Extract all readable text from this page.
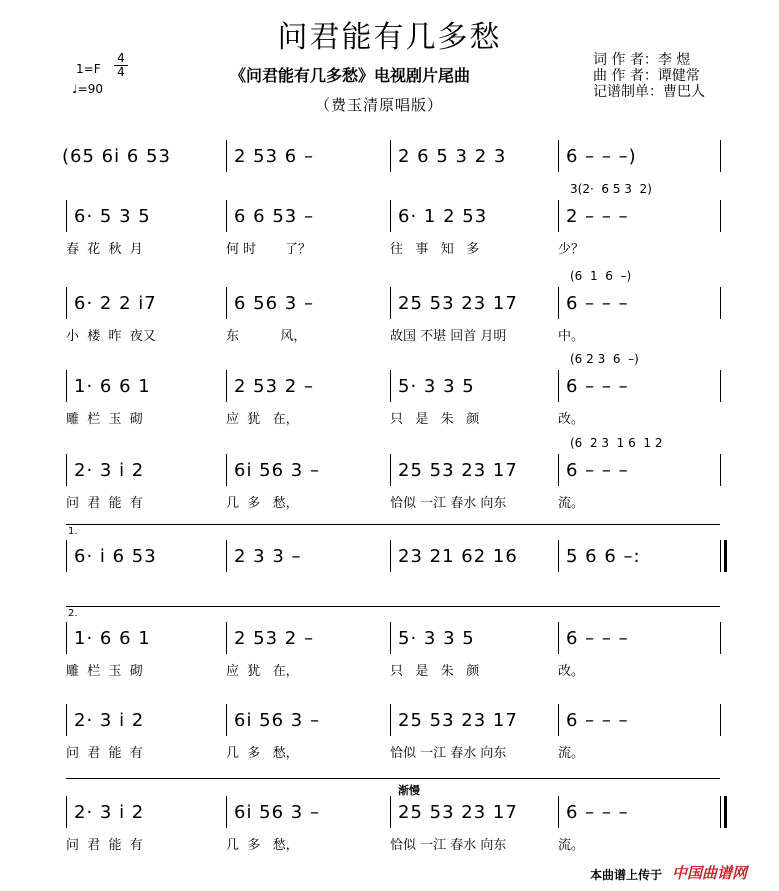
问君能有几多愁
《问君能有几多愁》电视剧片尾曲
（费玉清原唱版）
词 作 者：李 煜
曲 作 者：谭健常
记谱制单：曹巴人
1=F
4
4
♩=90
(65 6i 6 53	2 53 6 –	2 6 5 3 2 3	6 – – –)
6· 5 3 5	6 6 53 –	6· 1 2 53	2 – – –
春  花  秋  月	何 时       了？	往   事   知   多	少？
3(2·  6 5 3  2)
6· 2 2 i7	6 56 3 –	25 53 23 17	6 – – –
小  楼  昨  夜又	东          风，	故国 不堪 回首 月明	中。
(6  1  6  –)
1· 6 6 1	2 53 2 –	5· 3 3 5	6 – – –
雕  栏  玉  砌	应  犹   在，	只   是   朱   颜	改。
(6 2 3  6  –)
2· 3 i 2	6i 56 3 –	25 53 23 17	6 – – –
问  君  能  有	几  多   愁，	恰似 一江 春水 向东	流。
(6  2 3  1 6  1 2
6· i 6 53	2 3 3 –	23 21 62 16	5 6 6 –:
1.
1· 6 6 1	2 53 2 –	5· 3 3 5	6 – – –
雕  栏  玉  砌	应  犹   在，	只   是   朱   颜	改。
2.
2· 3 i 2	6i 56 3 –	25 53 23 17	6 – – –
问  君  能  有	几  多   愁，	恰似 一江 春水 向东	流。
2· 3 i 2	6i 56 3 –	25 53 23 17	6 – – –
问  君  能  有	几  多   愁，	恰似 一江 春水 向东	流。
渐慢
本曲谱上传于 中国曲谱网
